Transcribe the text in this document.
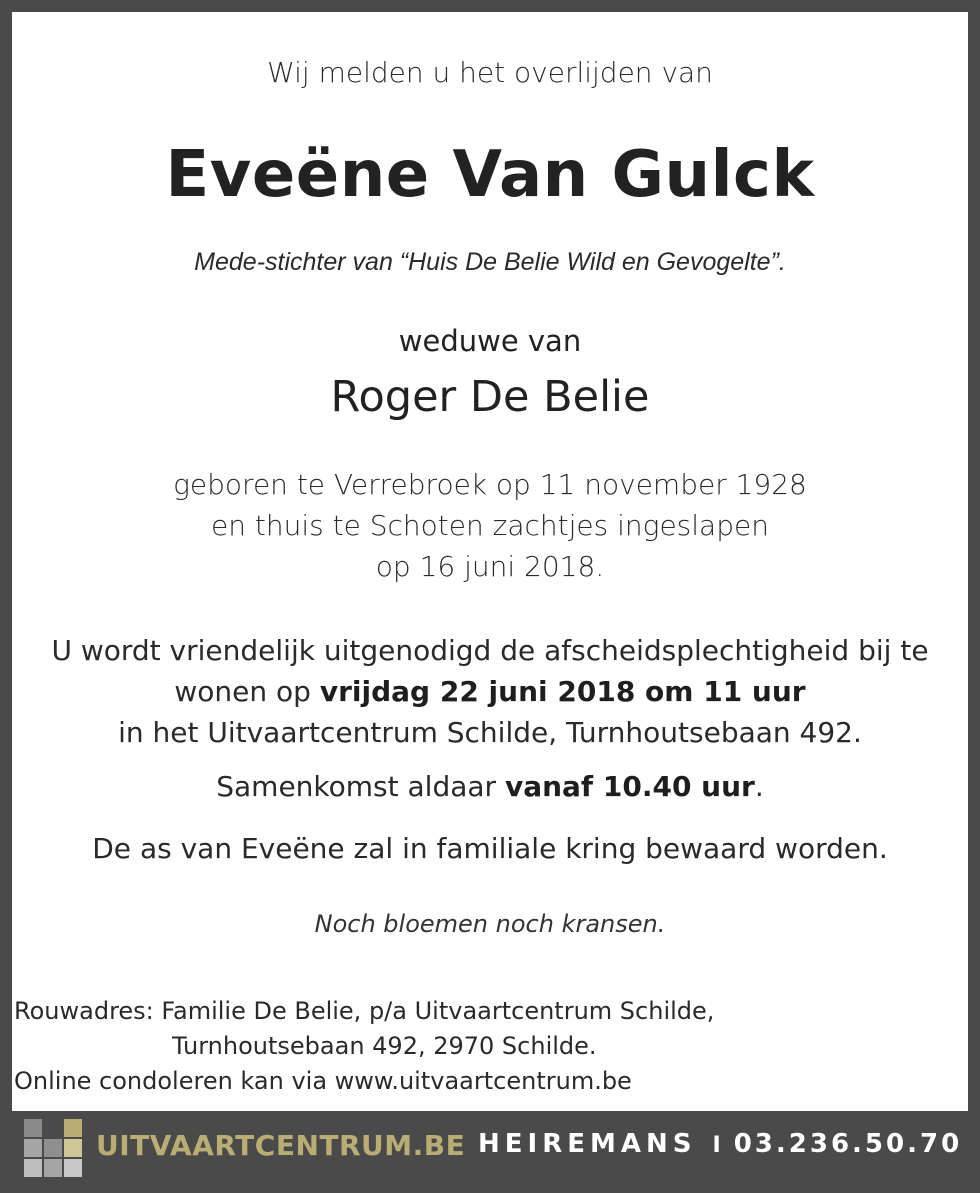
Wij melden u het overlijden van
Eveëne Van Gulck
Mede-stichter van “Huis De Belie Wild en Gevogelte”.
weduwe van
Roger De Belie
geboren te Verrebroek op 11 november 1928
en thuis te Schoten zachtjes ingeslapen
op 16 juni 2018.
U wordt vriendelijk uitgenodigd de afscheidsplechtigheid bij te
wonen op vrijdag 22 juni 2018 om 11 uur
in het Uitvaartcentrum Schilde, Turnhoutsebaan 492.
Samenkomst aldaar vanaf 10.40 uur.
De as van Eveëne zal in familiale kring bewaard worden.
Noch bloemen noch kransen.
Rouwadres: Familie De Belie, p/a Uitvaartcentrum Schilde,
Turnhoutsebaan 492, 2970 Schilde.
Online condoleren kan via www.uitvaartcentrum.be
UITVAARTCENTRUM.BE HEIREMANS I 03.236.50.70
